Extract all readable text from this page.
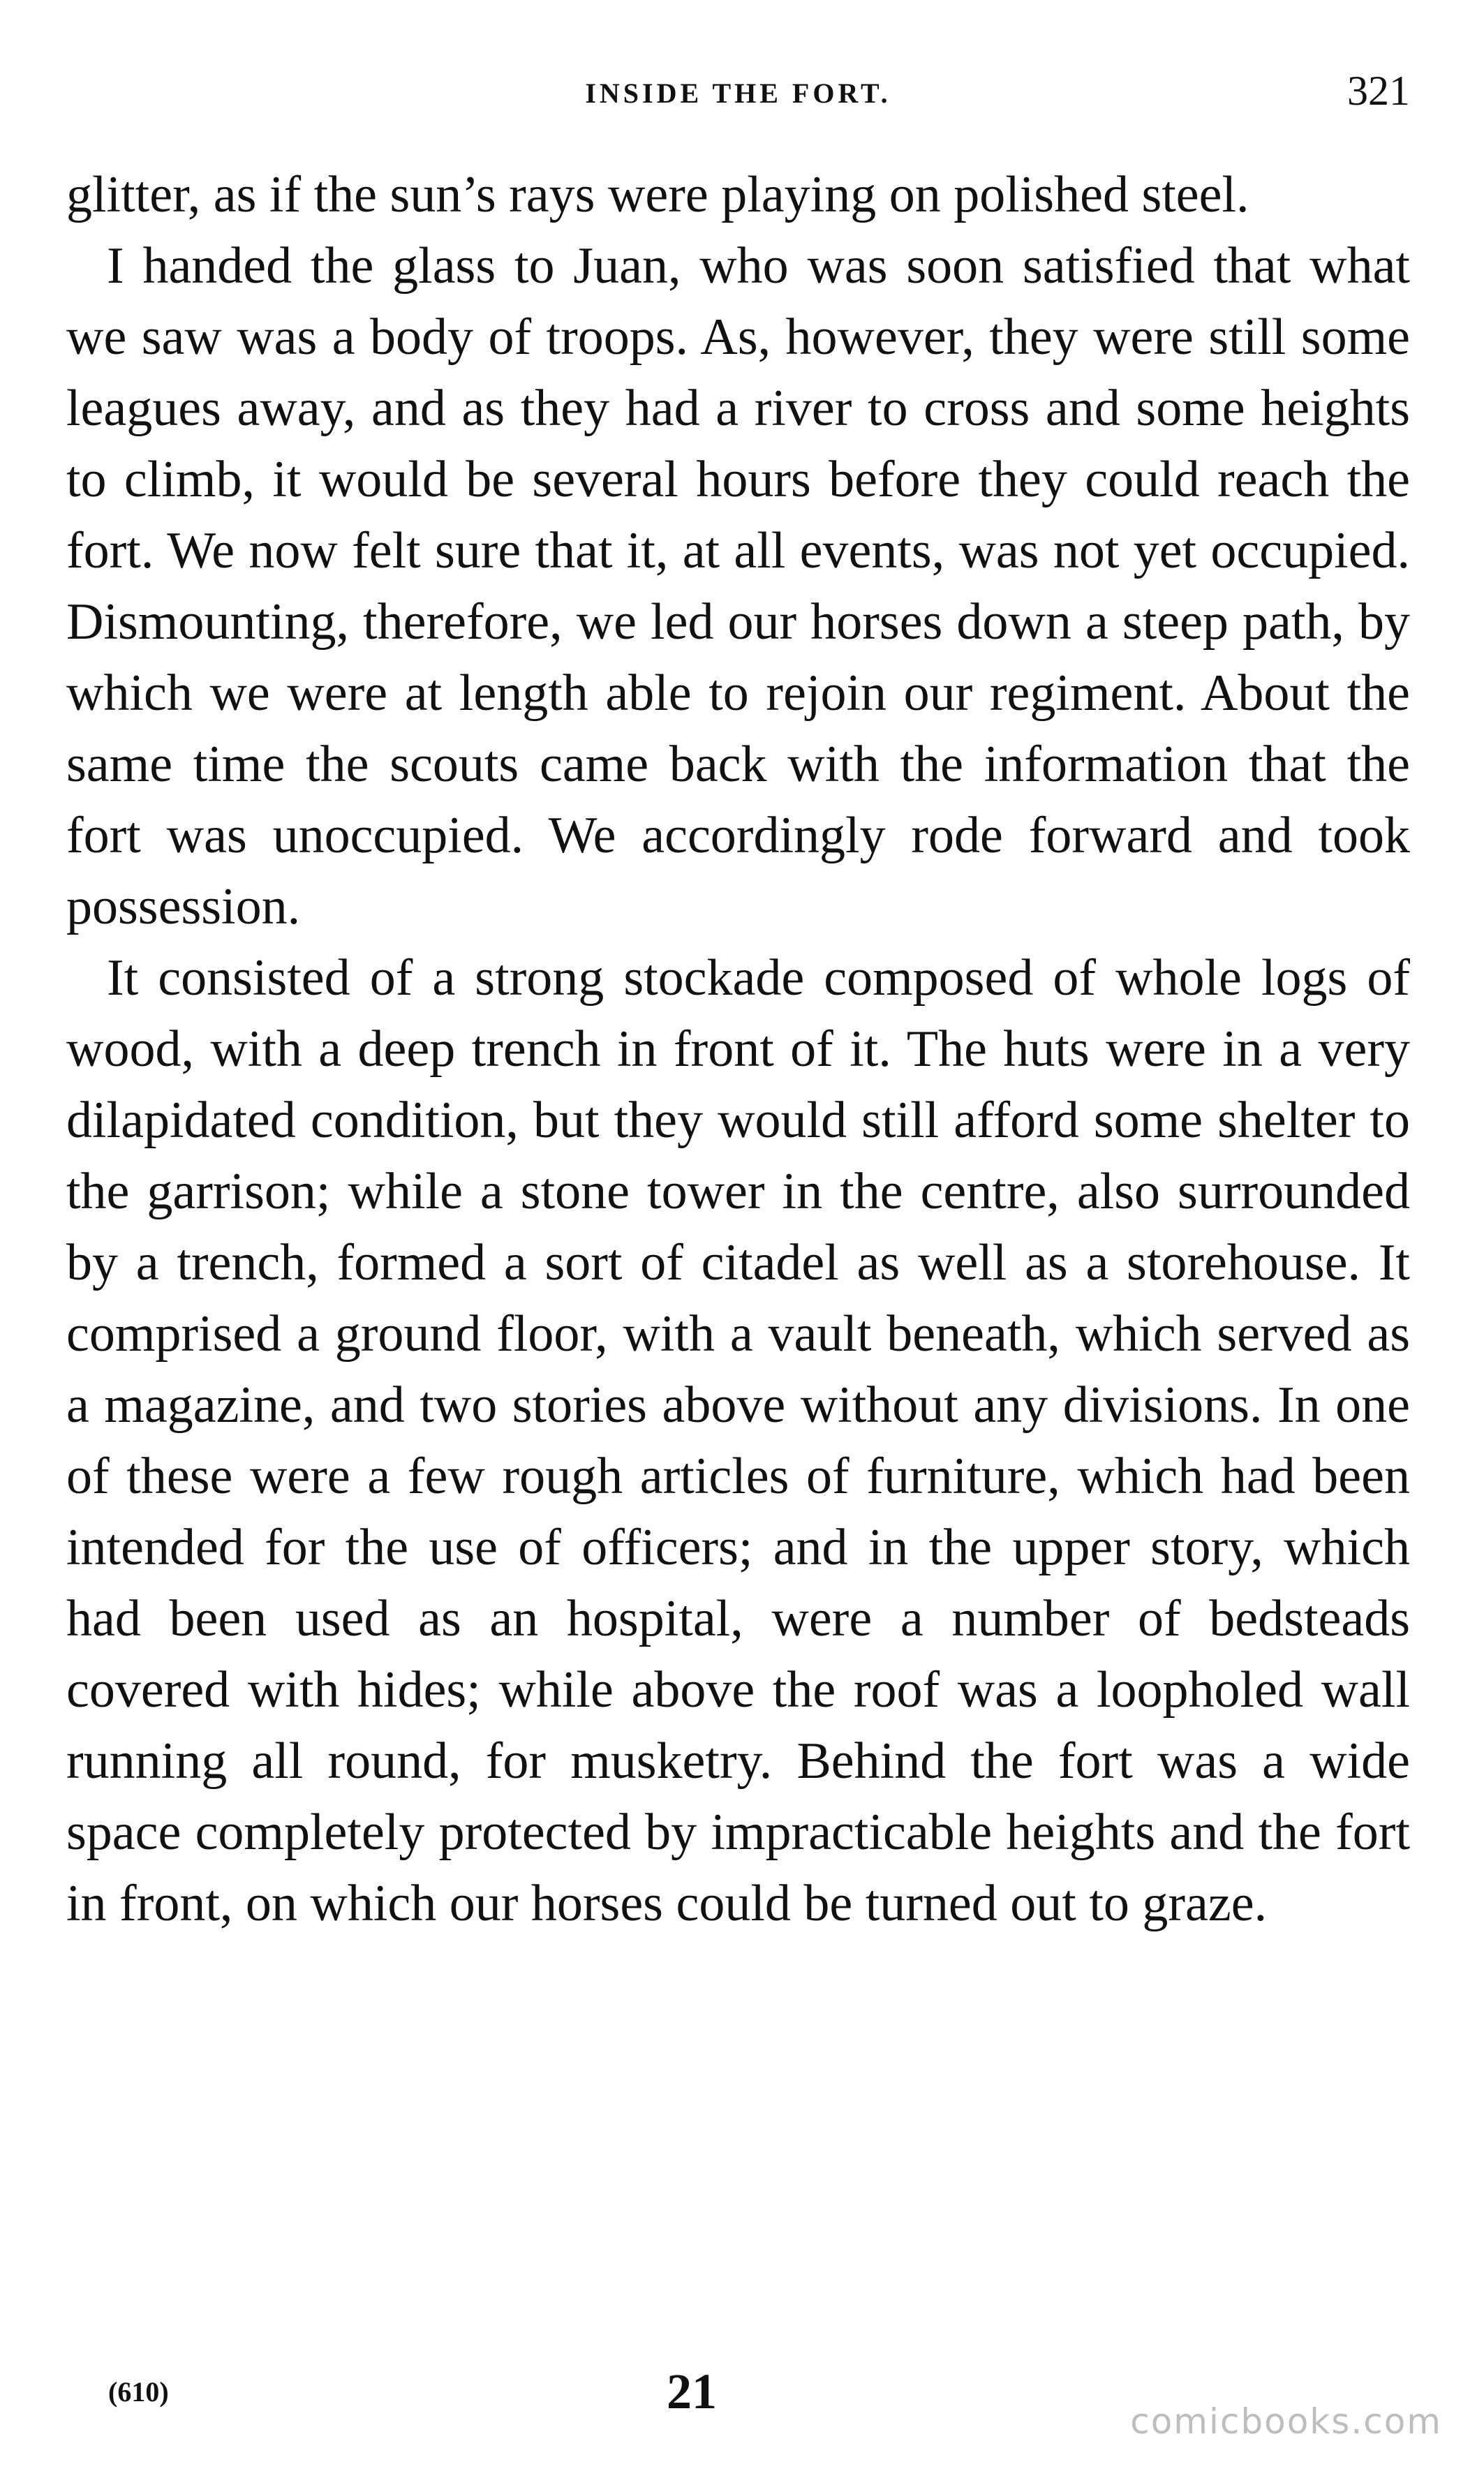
INSIDE THE FORT.	321

glitter, as if the sun’s rays were playing on polished steel.

I handed the glass to Juan, who was soon satisfied that what we saw was a body of troops. As, however, they were still some leagues away, and as they had a river to cross and some heights to climb, it would be several hours before they could reach the fort. We now felt sure that it, at all events, was not yet occupied. Dismounting, therefore, we led our horses down a steep path, by which we were at length able to rejoin our regiment. About the same time the scouts came back with the information that the fort was unoccupied. We accordingly rode forward and took possession.

It consisted of a strong stockade composed of whole logs of wood, with a deep trench in front of it. The huts were in a very dilapidated condition, but they would still afford some shelter to the garrison; while a stone tower in the centre, also surrounded by a trench, formed a sort of citadel as well as a storehouse. It comprised a ground floor, with a vault beneath, which served as a magazine, and two stories above without any divisions. In one of these were a few rough articles of furniture, which had been intended for the use of officers; and in the upper story, which had been used as an hospital, were a number of bedsteads covered with hides; while above the roof was a loopholed wall running all round, for musketry. Behind the fort was a wide space completely protected by impracticable heights and the fort in front, on which our horses could be turned out to graze.

(610)	21
comicbooks.com
